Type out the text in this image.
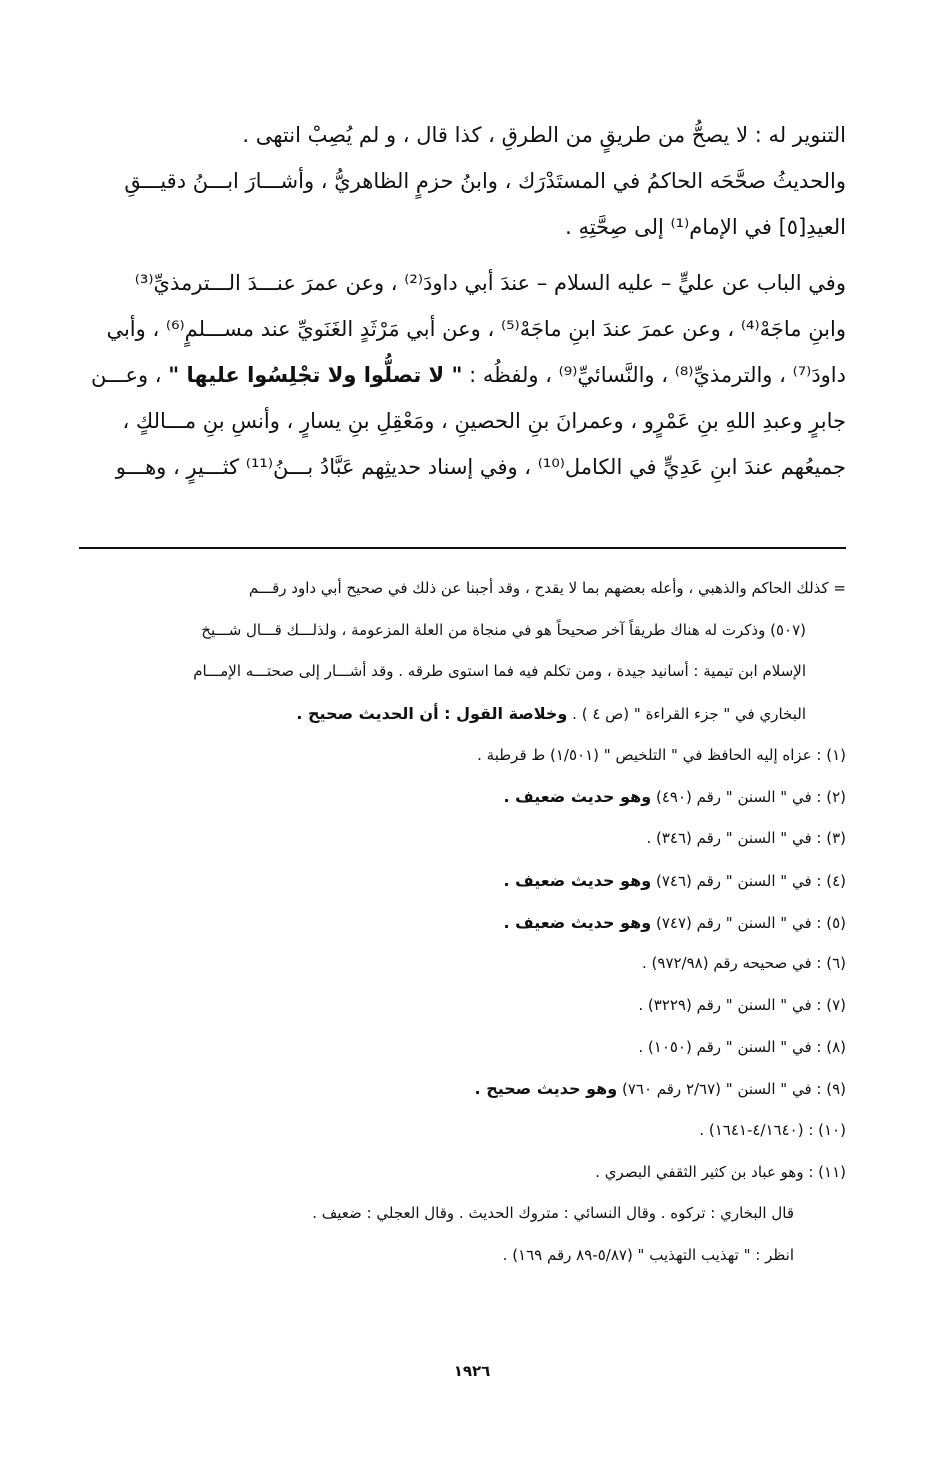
التنوير له : لا يصحُّ من طريقٍ من الطرقِ ، كذا قال ، و لم يُصِبْ انتهى .
والحديثُ صحَّحَه الحاكمُ في المستَدْرَك ، وابنُ حزمٍ الظاهريُّ ، وأشـــارَ ابـــنُ دقيـــقِ
العيدِ[٥] في الإمام⁽¹⁾ إلى صِحَّتِهِ .
وفي الباب عن عليٍّ – عليه السلام – عندَ أبي داودَ⁽²⁾ ، وعن عمرَ عنـــدَ الـــترمذيِّ⁽³⁾
وابنِ ماجَهْ⁽⁴⁾ ، وعن عمرَ عندَ ابنِ ماجَهْ⁽⁵⁾ ، وعن أبي مَرْثَدٍ الغَنَويِّ عند مســـلمٍ⁽⁶⁾ ، وأبي
داودَ⁽⁷⁾ ، والترمذيِّ⁽⁸⁾ ، والنَّسائيِّ⁽⁹⁾ ، ولفظُه : " لا تصلُّوا ولا تجْلِسُوا عليها " ، وعـــن
جابرٍ وعبدِ اللهِ بنِ عَمْرٍو ، وعمرانَ بنِ الحصينِ ، ومَعْقِلِ بنِ يسارٍ ، وأنسِ بنِ مـــالكٍ ،
جميعُهم عندَ ابنِ عَدِيٍّ في الكامل⁽¹⁰⁾ ، وفي إسناد حديثِهم عَبَّادُ بـــنُ⁽¹¹⁾ كثـــيرٍ ، وهـــو
= كذلك الحاكم والذهبي ، وأعله بعضهم بما لا يقدح ، وقد أجبنا عن ذلك في صحيح أبي داود رقـــم
(٥٠٧) وذكرت له هناك طريقاً آخر صحيحاً هو في منجاة من العلة المزعومة ، ولذلـــك قـــال شـــيخ
الإسلام ابن تيمية : أسانيد جيدة ، ومن تكلم فيه فما استوى طرقه . وقد أشـــار إلى صحتـــه الإمـــام
البخاري في " جزء القراءة " (ص ٤ ) . وخلاصة القول : أن الحديث صحيح .
(١) : عزاه إليه الحافظ في " التلخيص " (١/٥٠١) ط قرطبة .
(٢) : في " السنن " رقم (٤٩٠) وهو حديث ضعيف .
(٣) : في " السنن " رقم (٣٤٦) .
(٤) : في " السنن " رقم (٧٤٦) وهو حديث ضعيف .
(٥) : في " السنن " رقم (٧٤٧) وهو حديث ضعيف .
(٦) : في صحيحه رقم (٩٧٢/٩٨) .
(٧) : في " السنن " رقم (٣٢٢٩) .
(٨) : في " السنن " رقم (١٠٥٠) .
(٩) : في " السنن " (٢/٦٧ رقم ٧٦٠) وهو حديث صحيح .
(١٠) : (٤/١٦٤٠-١٦٤١) .
(١١) : وهو عباد بن كثير الثقفي البصري .
قال البخاري : تركوه . وقال النسائي : متروك الحديث . وقال العجلي : ضعيف .
انظر : " تهذيب التهذيب " (٥/٨٧-٨٩ رقم ١٦٩) .
١٩٢٦
